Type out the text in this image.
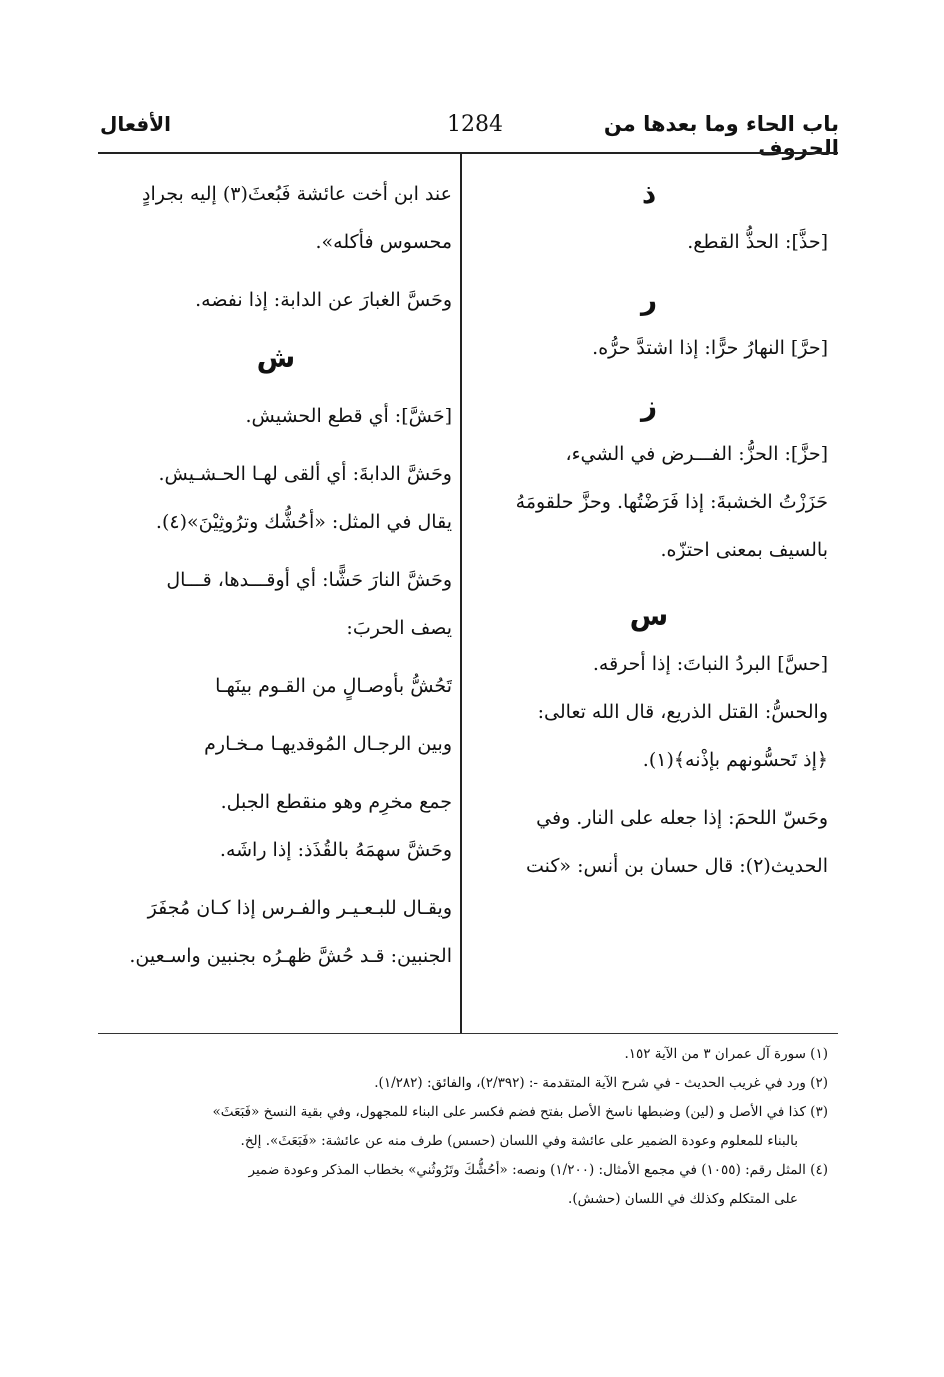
باب الحاء وما بعدها من الحروف
1284
الأفعال
ذ
[حذَّ]: الحذُّ القطع.
ر
[حرَّ] النهارُ حرًّا: إذا اشتدَّ حرُّه.
ز
[حزَّ]: الحزُّ: الفـــرض في الشيء،
حَزَزْتُ الخشبةَ: إذا فَرَضْتُها. وحزَّ حلقومَهُ
بالسيف بمعنى احتزّه.
س
[حسَّ] البردُ النباتَ: إذا أحرقه.
والحسُّ: القتل الذريع، قال الله تعالى:
﴿إذ تَحسُّونهم بإذْنه﴾(١).
وحَسّ اللحمَ: إذا جعله على النار. وفي
الحديث(٢): قال حسان بن أنس: «كنت
عند ابن أخت عائشة فَبُعثَ(٣) إليه بجرادٍ
محسوس فأكله».
وحَسَّ الغبارَ عن الدابة: إذا نفضه.
ش
[حَشَّ]: أي قطع الحشيش.
وحَشَّ الدابةَ: أي ألقى لهـا الحـشـيش.
يقال في المثل: «أحُشُّك وترُوثِيْنَ»(٤).
وحَشَّ النارَ حَشًّا: أي أوقـــدها، قـــال
يصف الحربَ:
تَحُشُّ بأوصـالٍ من القـوم بينَهـا
وبين الرجـال المُوقديهـا مـخـارم
جمع مخرِم وهو منقطع الجبل.
وحَشَّ سهمَهُ بالقُذَذ: إذا راشَه.
ويقـال للبـعـيـر والفـرس إذا كـان مُجفَرَ
الجنبين: قـد حُشَّ ظهـرُه بجنبين واسـعين.
(١) سورة آل عمران ٣ من الآية ١٥٢.
(٢) ورد في غريب الحديث - في شرح الآية المتقدمة -: (٢/٣٩٢)، والفائق: (١/٢٨٢).
(٣) كذا في الأصل و (لين) وضبطها ناسخ الأصل بفتح فضم فكسر على البناء للمجهول، وفي بقية النسخ «فَبَعَثَ»
بالبناء للمعلوم وعودة الضمير على عائشة وفي اللسان (حسس) طرف منه عن عائشة: «فَبَعَثَ». إلخ.
(٤) المثل رقم: (١٠٥٥) في مجمع الأمثال: (١/٢٠٠) ونصه: «أحُشُّكَ وتَرُوثُني» بخطاب المذكر وعودة ضمير
على المتكلم وكذلك في اللسان (حشش).
